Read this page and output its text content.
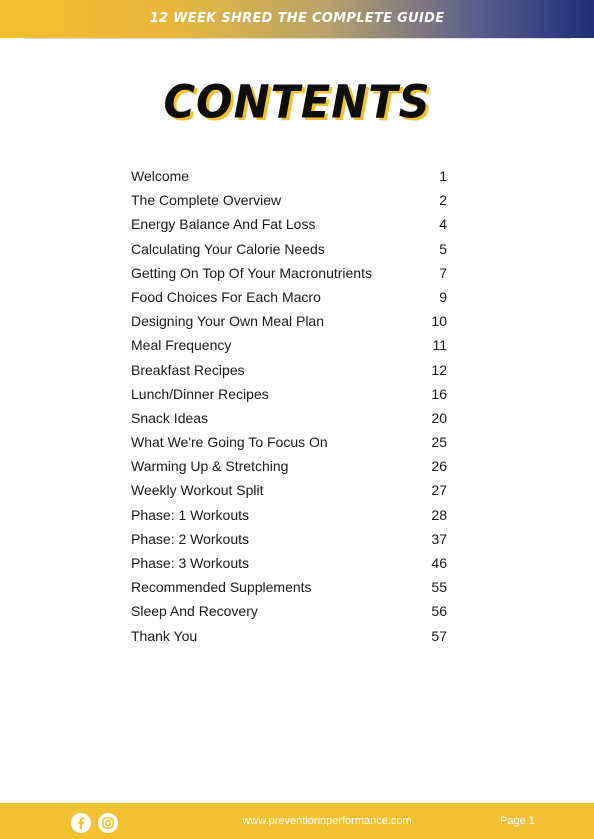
12 WEEK SHRED THE COMPLETE GUIDE
CONTENTS
Welcome	1
The Complete Overview	2
Energy Balance And Fat Loss	4
Calculating Your Calorie Needs	5
Getting On Top Of Your Macronutrients	7
Food Choices For Each Macro	9
Designing Your Own Meal Plan	10
Meal Frequency	11
Breakfast Recipes	12
Lunch/Dinner Recipes	16
Snack Ideas	20
What We're Going To Focus On	25
Warming Up & Stretching	26
Weekly Workout Split	27
Phase: 1 Workouts	28
Phase: 2 Workouts	37
Phase: 3 Workouts	46
Recommended Supplements	55
Sleep And Recovery	56
Thank You	57
www.preventionnperformance.com	Page 1
